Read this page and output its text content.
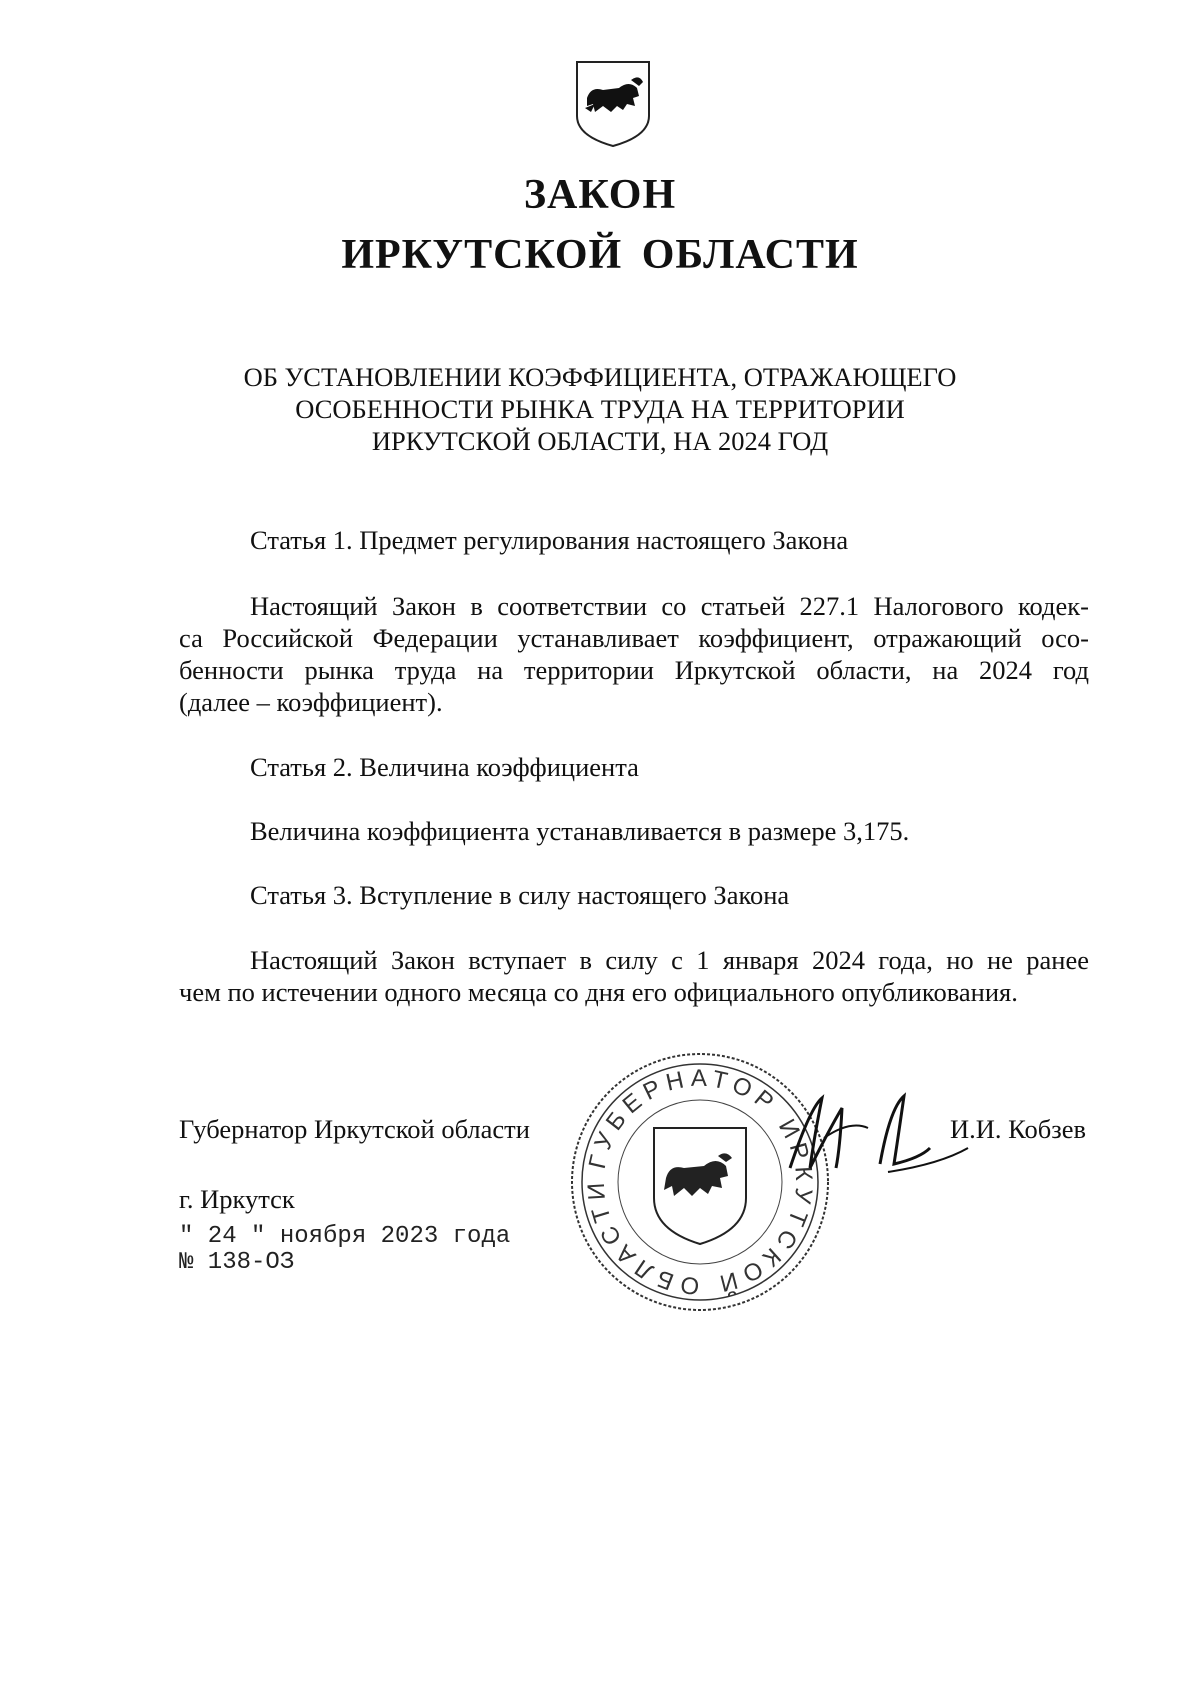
ЗАКОН
ИРКУТСКОЙ ОБЛАСТИ
ОБ УСТАНОВЛЕНИИ КОЭФФИЦИЕНТА, ОТРАЖАЮЩЕГО
ОСОБЕННОСТИ РЫНКА ТРУДА НА ТЕРРИТОРИИ
ИРКУТСКОЙ ОБЛАСТИ, НА 2024 ГОД
Статья 1. Предмет регулирования настоящего Закона
Настоящий Закон в соответствии со статьей 227.1 Налогового кодек-
са Российской Федерации устанавливает коэффициент, отражающий осо-
бенности рынка труда на территории Иркутской области, на 2024 год
(далее – коэффициент).
Статья 2. Величина коэффициента
Величина коэффициента устанавливается в размере 3,175.
Статья 3. Вступление в силу настоящего Закона
Настоящий Закон вступает в силу с 1 января 2024 года, но не ранее
чем по истечении одного месяца со дня его официального опубликования.
ГУБЕРНАТОР ИРКУТСКОЙ ОБЛАСТИ
Губернатор Иркутской области	И.И. Кобзев
г. Иркутск
" 24 " ноября 2023 года
№ 138-ОЗ
